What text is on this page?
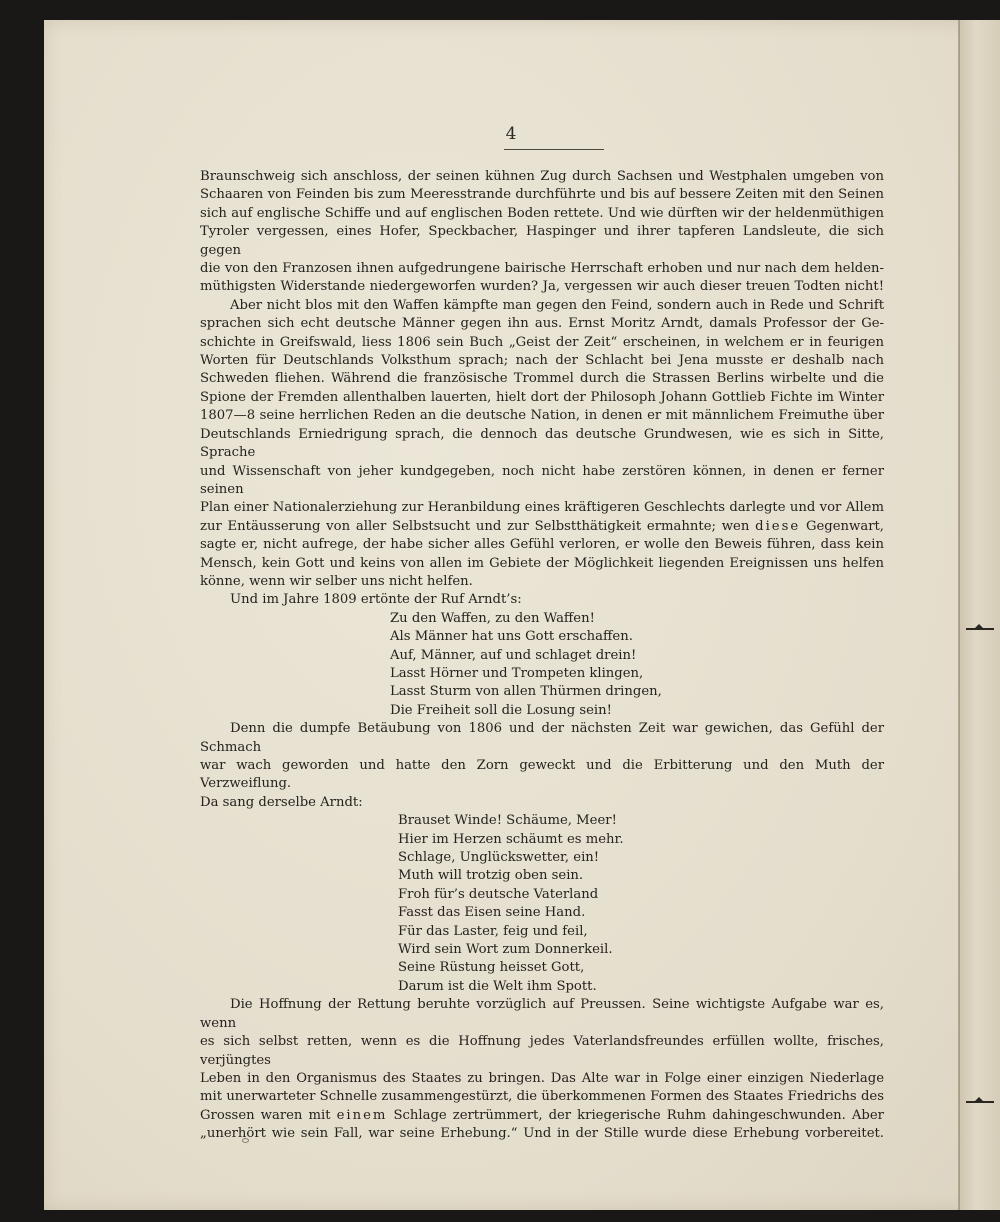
4

Braunschweig sich anschloss, der seinen kühnen Zug durch Sachsen und Westphalen umgeben von

Schaaren von Feinden bis zum Meeresstrande durchführte und bis auf bessere Zeiten mit den Seinen

sich auf englische Schiffe und auf englischen Boden rettete. Und wie dürften wir der heldenmüthigen

Tyroler vergessen, eines Hofer, Speckbacher, Haspinger und ihrer tapferen Landsleute, die sich gegen

die von den Franzosen ihnen aufgedrungene bairische Herrschaft erhoben und nur nach dem helden-

müthigsten Widerstande niedergeworfen wurden? Ja, vergessen wir auch dieser treuen Todten nicht!

Aber nicht blos mit den Waffen kämpfte man gegen den Feind, sondern auch in Rede und Schrift

sprachen sich echt deutsche Männer gegen ihn aus. Ernst Moritz Arndt, damals Professor der Ge-

schichte in Greifswald, liess 1806 sein Buch „Geist der Zeit“ erscheinen, in welchem er in feurigen

Worten für Deutschlands Volksthum sprach; nach der Schlacht bei Jena musste er deshalb nach

Schweden fliehen. Während die französische Trommel durch die Strassen Berlins wirbelte und die

Spione der Fremden allenthalben lauerten, hielt dort der Philosoph Johann Gottlieb Fichte im Winter

1807—8 seine herrlichen Reden an die deutsche Nation, in denen er mit männlichem Freimuthe über

Deutschlands Erniedrigung sprach, die dennoch das deutsche Grundwesen, wie es sich in Sitte, Sprache

und Wissenschaft von jeher kundgegeben, noch nicht habe zerstören können, in denen er ferner seinen

Plan einer Nationalerziehung zur Heranbildung eines kräftigeren Geschlechts darlegte und vor Allem

zur Entäusserung von aller Selbstsucht und zur Selbstthätigkeit ermahnte; wen diese Gegenwart,

sagte er, nicht aufrege, der habe sicher alles Gefühl verloren, er wolle den Beweis führen, dass kein

Mensch, kein Gott und keins von allen im Gebiete der Möglichkeit liegenden Ereignissen uns helfen

könne, wenn wir selber uns nicht helfen.

Und im Jahre 1809 ertönte der Ruf Arndt’s:

Zu den Waffen, zu den Waffen!
Als Männer hat uns Gott erschaffen.
Auf, Männer, auf und schlaget drein!
Lasst Hörner und Trompeten klingen,
Lasst Sturm von allen Thürmen dringen,
Die Freiheit soll die Losung sein!

Denn die dumpfe Betäubung von 1806 und der nächsten Zeit war gewichen, das Gefühl der Schmach

war wach geworden und hatte den Zorn geweckt und die Erbitterung und den Muth der Verzweiflung.

Da sang derselbe Arndt:

Brauset Winde! Schäume, Meer!
Hier im Herzen schäumt es mehr.
Schlage, Unglückswetter, ein!
Muth will trotzig oben sein.
Froh für’s deutsche Vaterland
Fasst das Eisen seine Hand.
Für das Laster, feig und feil,
Wird sein Wort zum Donnerkeil.
Seine Rüstung heisset Gott,
Darum ist die Welt ihm Spott.

Die Hoffnung der Rettung beruhte vorzüglich auf Preussen. Seine wichtigste Aufgabe war es, wenn

es sich selbst retten, wenn es die Hoffnung jedes Vaterlandsfreundes erfüllen wollte, frisches, verjüngtes

Leben in den Organismus des Staates zu bringen. Das Alte war in Folge einer einzigen Niederlage

mit unerwarteter Schnelle zusammengestürzt, die überkommenen Formen des Staates Friedrichs des

Grossen waren mit einem Schlage zertrümmert, der kriegerische Ruhm dahingeschwunden. Aber

„unerhört wie sein Fall, war seine Erhebung.“ Und in der Stille wurde diese Erhebung vorbereitet.
